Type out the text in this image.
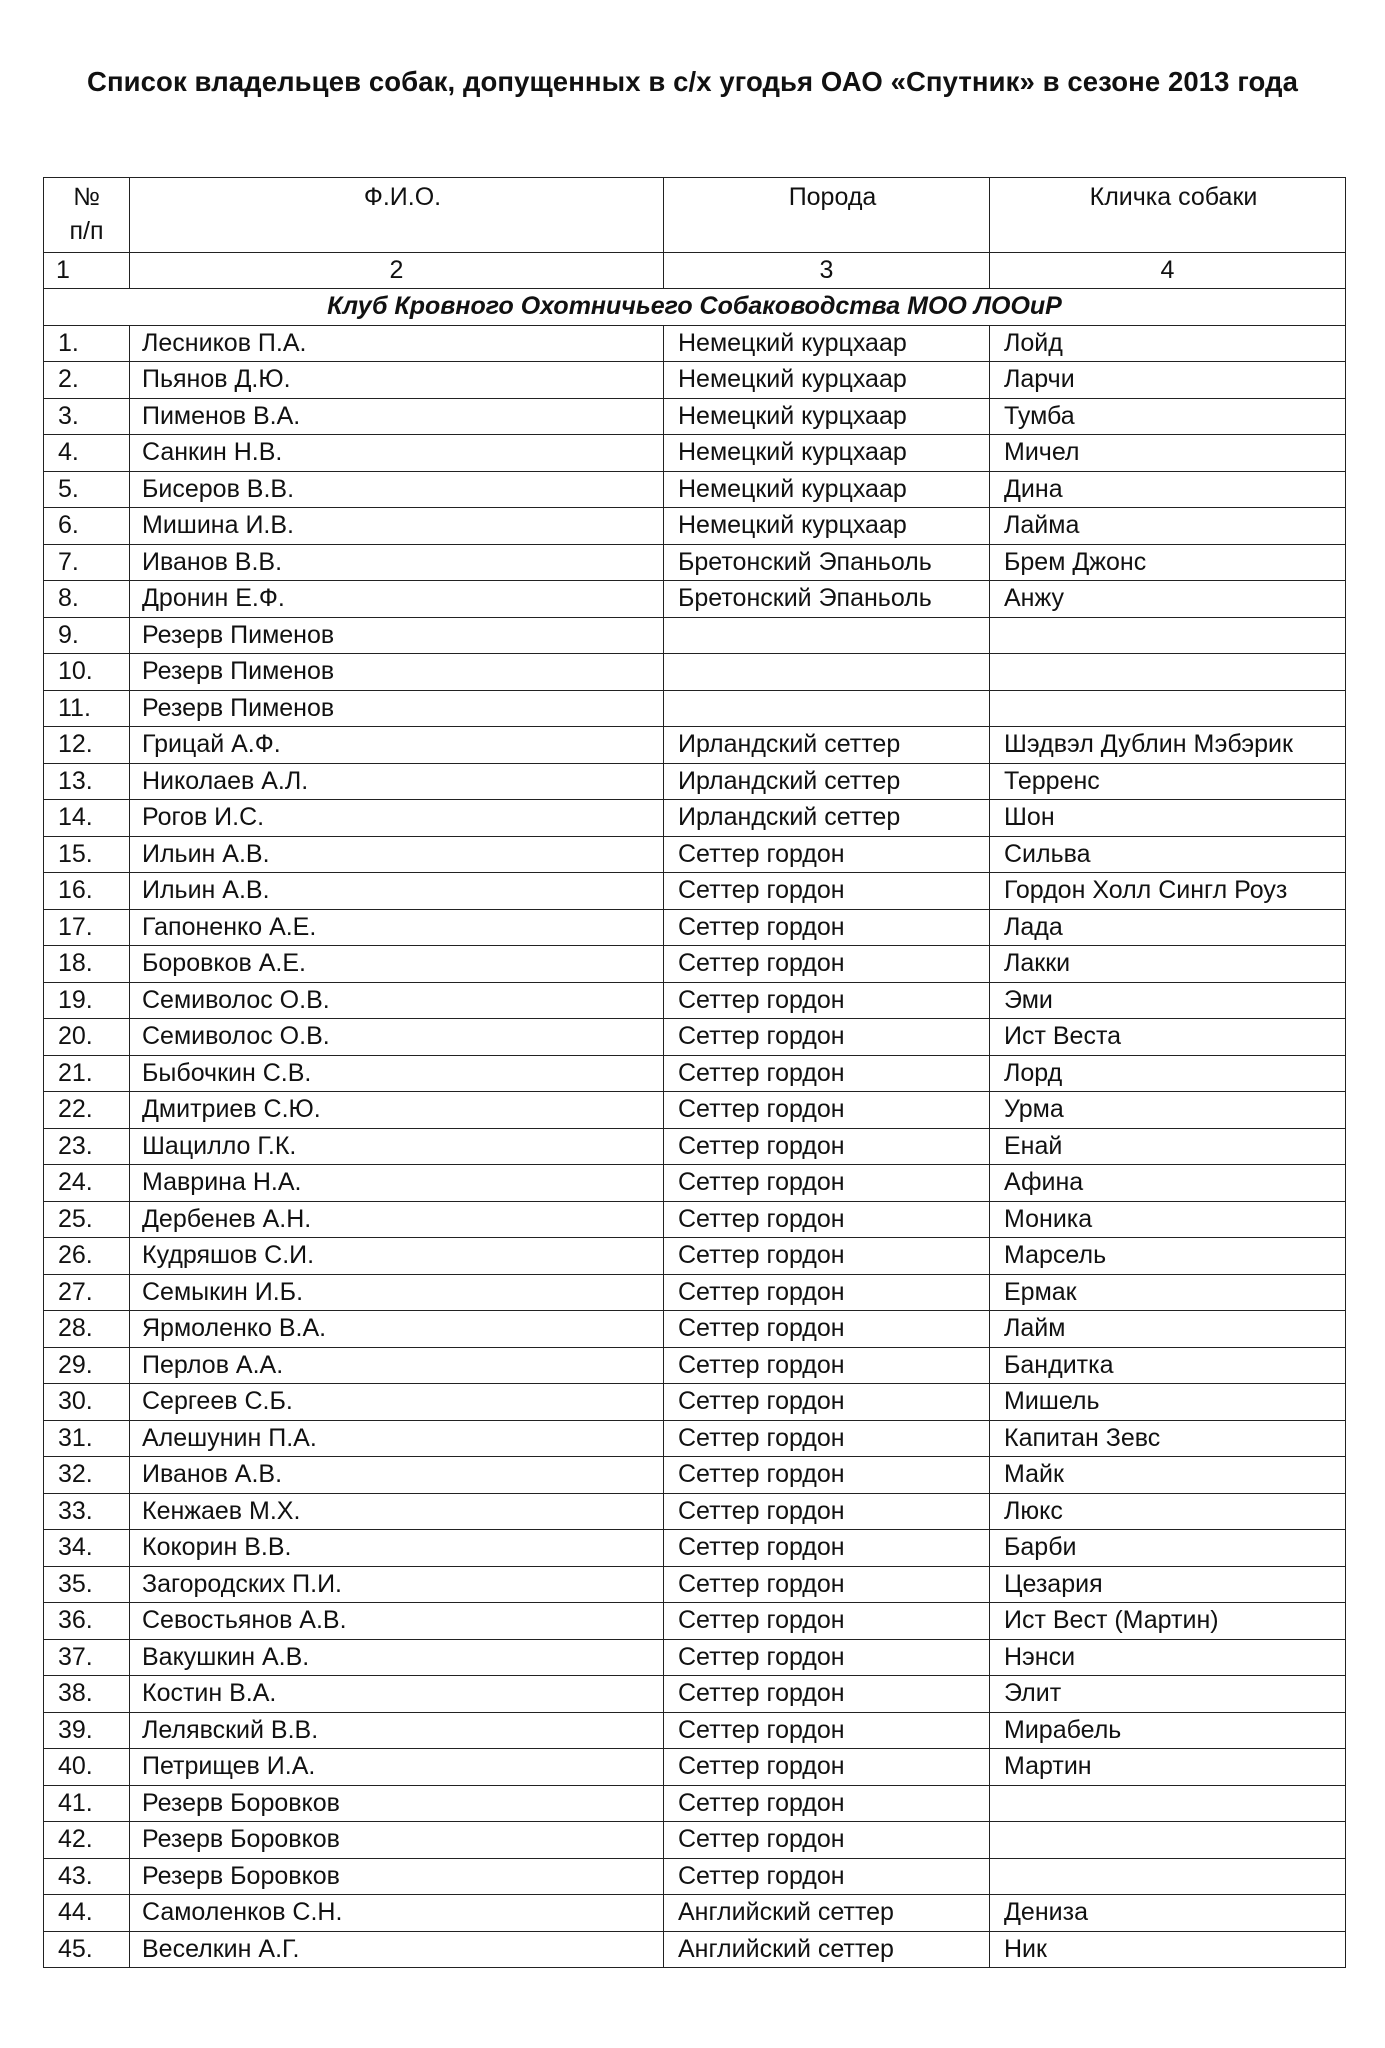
Список владельцев собак, допущенных в с/х угодья ОАО «Спутник» в сезоне 2013 года
№
п/п	Ф.И.О.	Порода	Кличка собаки
1	2	3	4
Клуб Кровного Охотничьего Собаководства МОО ЛООиР			
1.	Лесников П.А.	Немецкий курцхаар	Лойд
2.	Пьянов Д.Ю.	Немецкий курцхаар	Ларчи
3.	Пименов В.А.	Немецкий курцхаар	Тумба
4.	Санкин Н.В.	Немецкий курцхаар	Мичел
5.	Бисеров В.В.	Немецкий курцхаар	Дина
6.	Мишина И.В.	Немецкий курцхаар	Лайма
7.	Иванов В.В.	Бретонский Эпаньоль	Брем Джонс
8.	Дронин Е.Ф.	Бретонский Эпаньоль	Анжу
9.	Резерв Пименов		
10.	Резерв Пименов		
11.	Резерв Пименов		
12.	Грицай А.Ф.	Ирландский сеттер	Шэдвэл Дублин Мэбэрик
13.	Николаев А.Л.	Ирландский сеттер	Терренс
14.	Рогов И.С.	Ирландский сеттер	Шон
15.	Ильин А.В.	Сеттер гордон	Сильва
16.	Ильин А.В.	Сеттер гордон	Гордон Холл Сингл Роуз
17.	Гапоненко А.Е.	Сеттер гордон	Лада
18.	Боровков А.Е.	Сеттер гордон	Лакки
19.	Семиволос О.В.	Сеттер гордон	Эми
20.	Семиволос О.В.	Сеттер гордон	Ист Веста
21.	Быбочкин С.В.	Сеттер гордон	Лорд
22.	Дмитриев С.Ю.	Сеттер гордон	Урма
23.	Шацилло Г.К.	Сеттер гордон	Енай
24.	Маврина Н.А.	Сеттер гордон	Афина
25.	Дербенев А.Н.	Сеттер гордон	Моника
26.	Кудряшов С.И.	Сеттер гордон	Марсель
27.	Семыкин И.Б.	Сеттер гордон	Ермак
28.	Ярмоленко В.А.	Сеттер гордон	Лайм
29.	Перлов А.А.	Сеттер гордон	Бандитка
30.	Сергеев С.Б.	Сеттер гордон	Мишель
31.	Алешунин П.А.	Сеттер гордон	Капитан Зевс
32.	Иванов А.В.	Сеттер гордон	Майк
33.	Кенжаев М.Х.	Сеттер гордон	Люкс
34.	Кокорин В.В.	Сеттер гордон	Барби
35.	Загородских П.И.	Сеттер гордон	Цезария
36.	Севостьянов А.В.	Сеттер гордон	Ист Вест (Мартин)
37.	Вакушкин А.В.	Сеттер гордон	Нэнси
38.	Костин В.А.	Сеттер гордон	Элит
39.	Лелявский В.В.	Сеттер гордон	Мирабель
40.	Петрищев И.А.	Сеттер гордон	Мартин
41.	Резерв Боровков	Сеттер гордон	
42.	Резерв Боровков	Сеттер гордон	
43.	Резерв Боровков	Сеттер гордон	
44.	Самоленков С.Н.	Английский сеттер	Дениза
45.	Веселкин А.Г.	Английский сеттер	Ник
